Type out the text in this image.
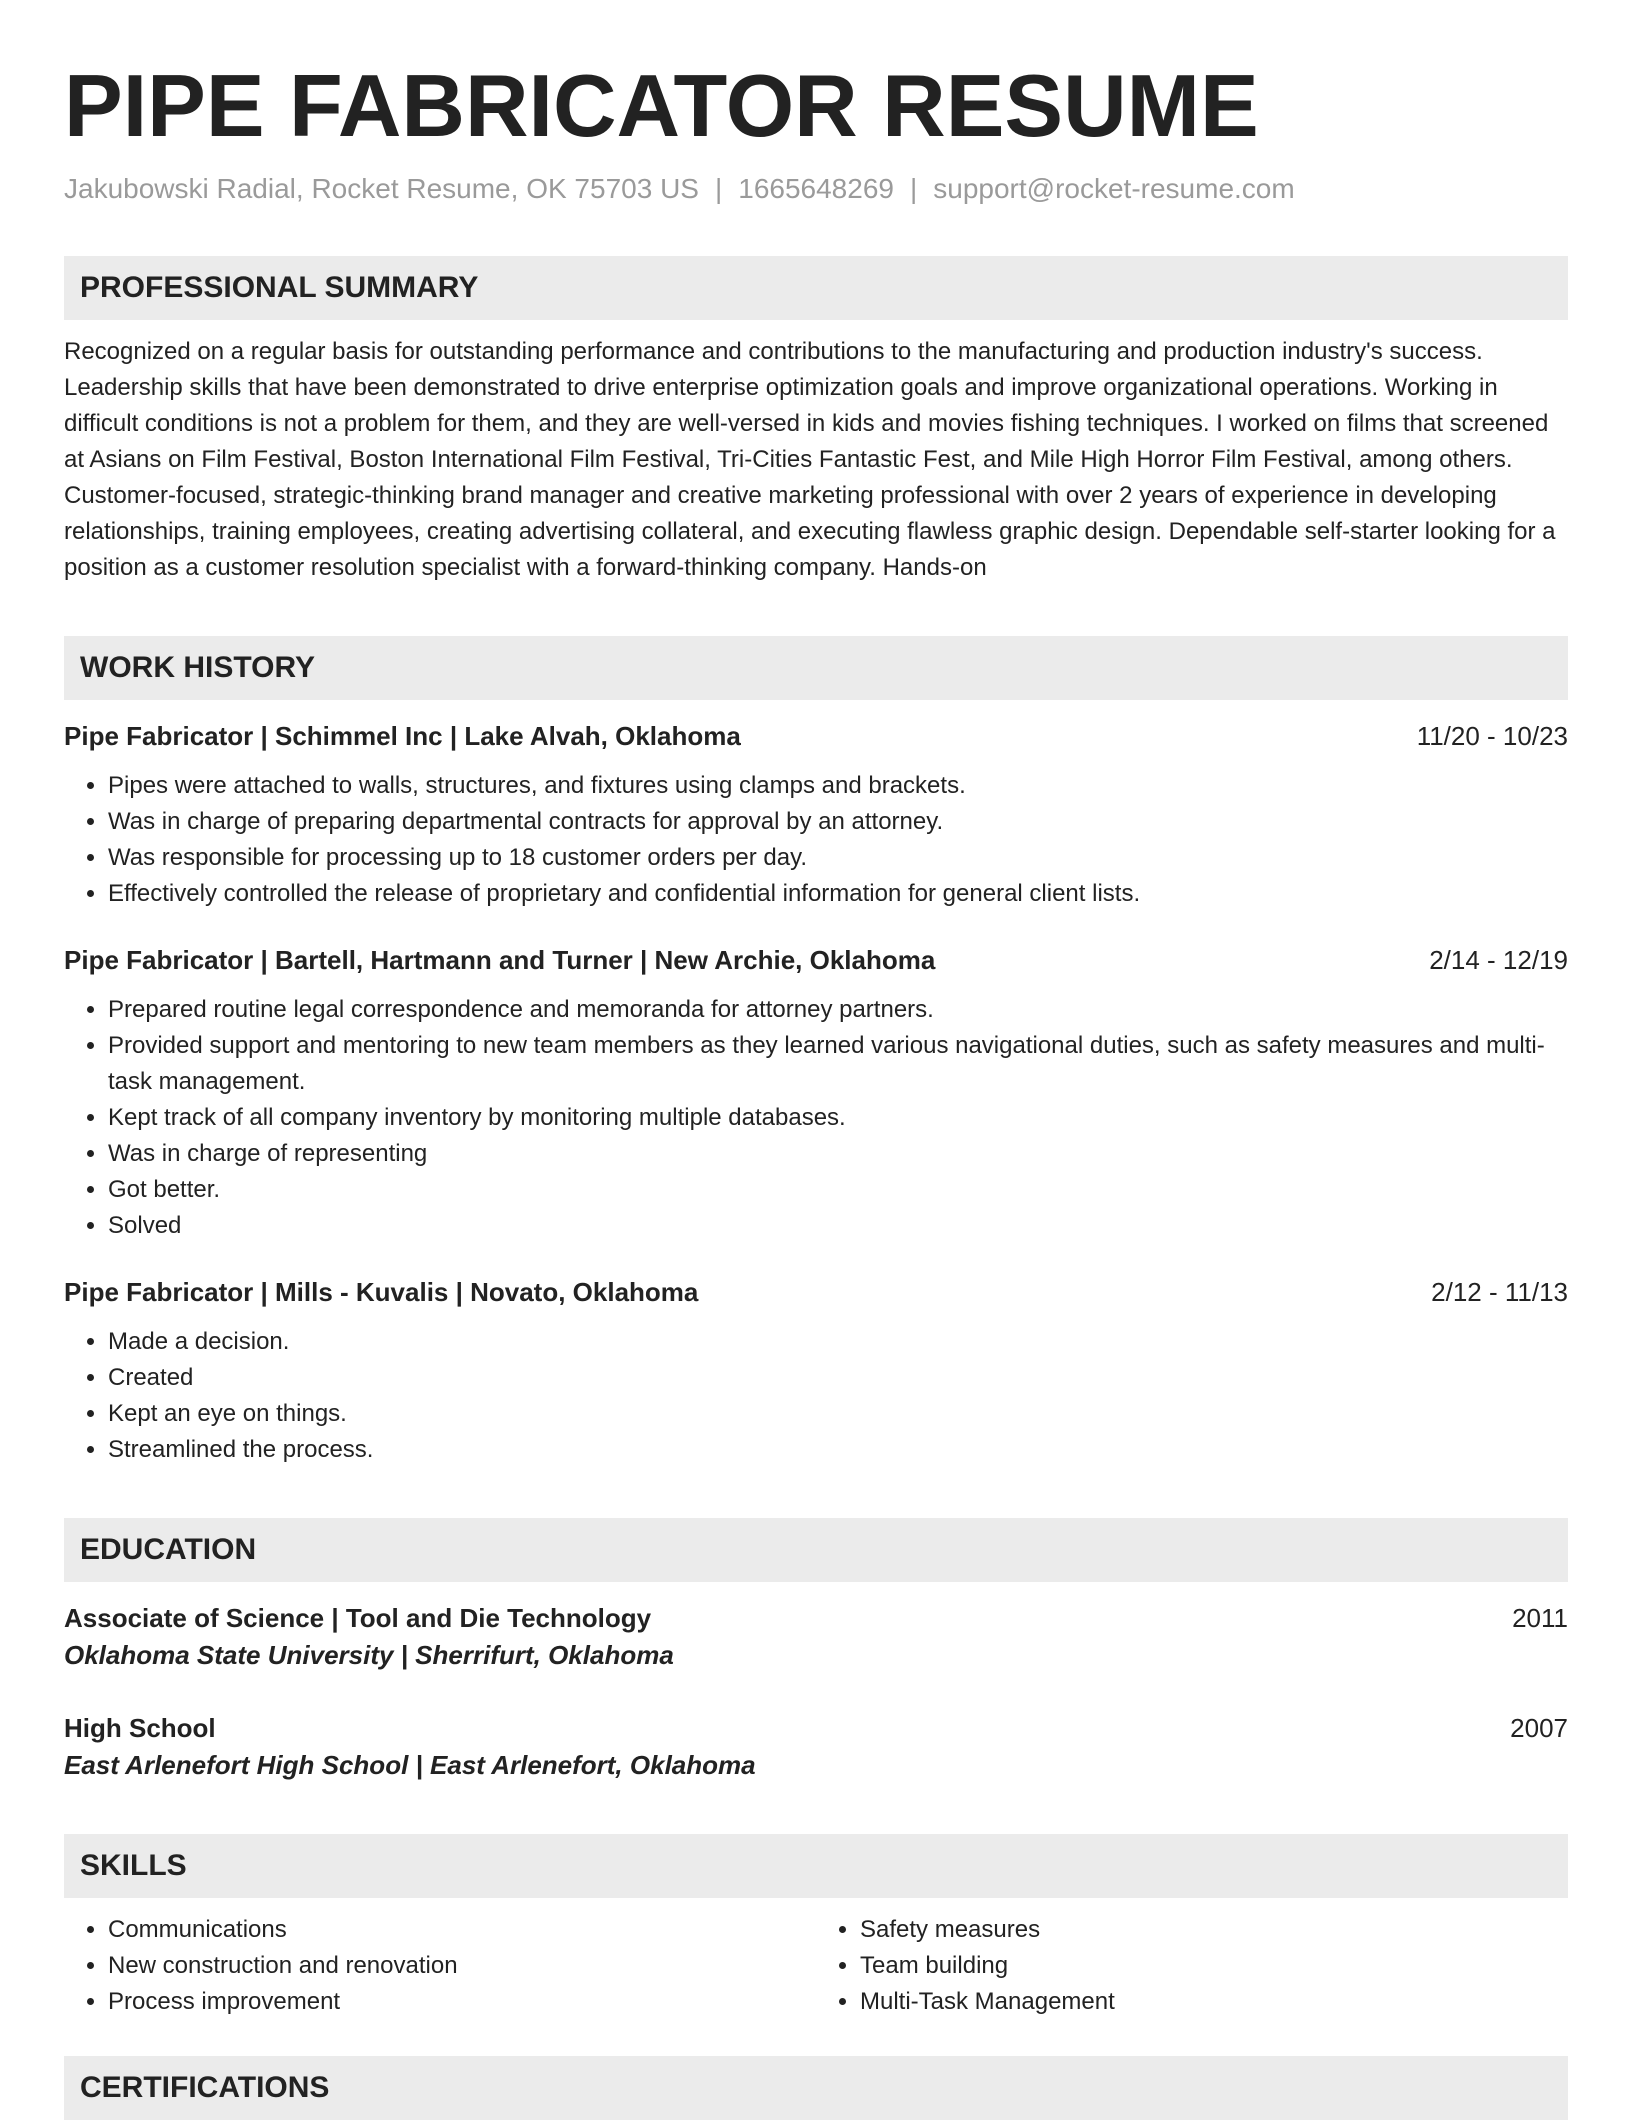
PIPE FABRICATOR RESUME
Jakubowski Radial, Rocket Resume, OK 75703 US | 1665648269 | support@rocket-resume.com
PROFESSIONAL SUMMARY
Recognized on a regular basis for outstanding performance and contributions to the manufacturing and production industry's success. Leadership skills that have been demonstrated to drive enterprise optimization goals and improve organizational operations. Working in difficult conditions is not a problem for them, and they are well-versed in kids and movies fishing techniques. I worked on films that screened at Asians on Film Festival, Boston International Film Festival, Tri-Cities Fantastic Fest, and Mile High Horror Film Festival, among others. Customer-focused, strategic-thinking brand manager and creative marketing professional with over 2 years of experience in developing relationships, training employees, creating advertising collateral, and executing flawless graphic design. Dependable self-starter looking for a position as a customer resolution specialist with a forward-thinking company. Hands-on
WORK HISTORY
Pipe Fabricator | Schimmel Inc | Lake Alvah, Oklahoma	11/20 - 10/23
• Pipes were attached to walls, structures, and fixtures using clamps and brackets.
• Was in charge of preparing departmental contracts for approval by an attorney.
• Was responsible for processing up to 18 customer orders per day.
• Effectively controlled the release of proprietary and confidential information for general client lists.
Pipe Fabricator | Bartell, Hartmann and Turner | New Archie, Oklahoma	2/14 - 12/19
• Prepared routine legal correspondence and memoranda for attorney partners.
• Provided support and mentoring to new team members as they learned various navigational duties, such as safety measures and multi-task management.
• Kept track of all company inventory by monitoring multiple databases.
• Was in charge of representing
• Got better.
• Solved
Pipe Fabricator | Mills - Kuvalis | Novato, Oklahoma	2/12 - 11/13
• Made a decision.
• Created
• Kept an eye on things.
• Streamlined the process.
EDUCATION
Associate of Science | Tool and Die Technology	2011
Oklahoma State University | Sherrifurt, Oklahoma
High School	2007
East Arlenefort High School | East Arlenefort, Oklahoma
SKILLS
• Communications
• New construction and renovation
• Process improvement
• Safety measures
• Team building
• Multi-Task Management
CERTIFICATIONS
